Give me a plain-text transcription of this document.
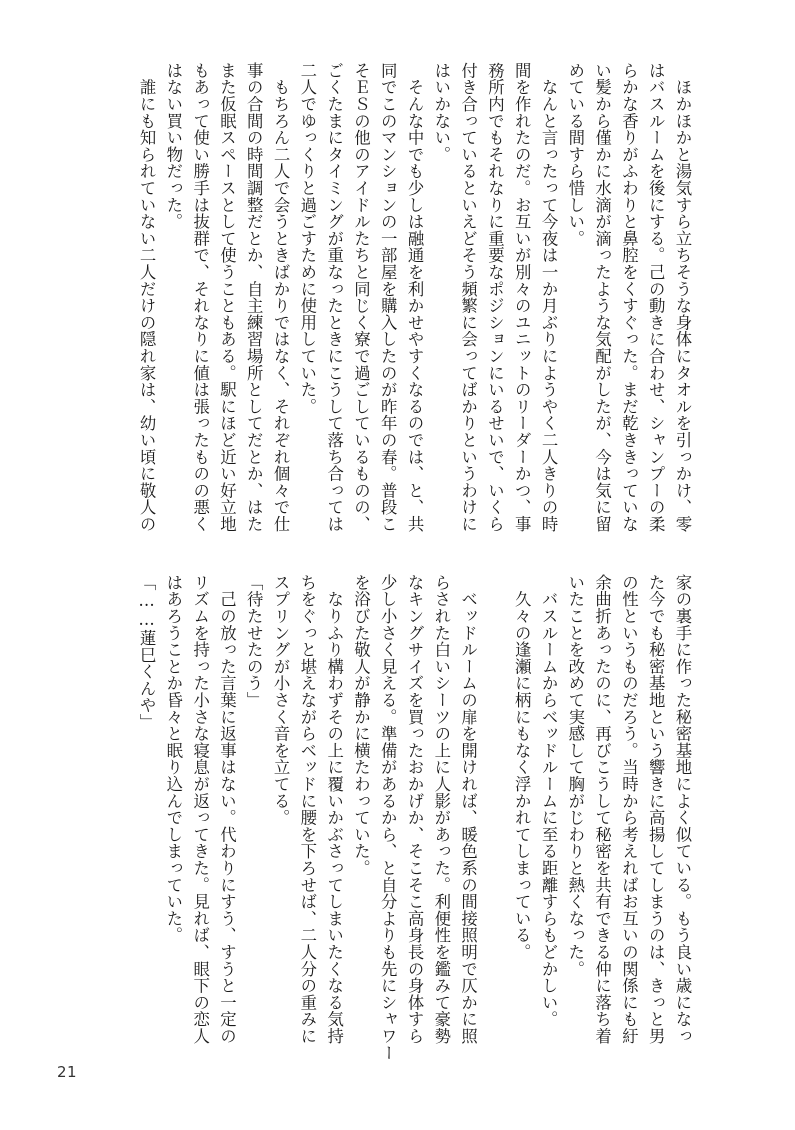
　ほかほかと湯気すら立ちそうな身体にタオルを引っかけ、零
はバスルームを後にする。己の動きに合わせ、シャンプーの柔
らかな香りがふわりと鼻腔をくすぐった。まだ乾ききっていな
い髪から僅かに水滴が滴ったような気配がしたが、今は気に留
めている間すら惜しい。
　なんと言ったって今夜は一か月ぶりにようやく二人きりの時
間を作れたのだ。お互いが別々のユニットのリーダーかつ、事
務所内でもそれなりに重要なポジションにいるせいで、いくら
付き合っているといえどそう頻繁に会ってばかりというわけに
はいかない。
　そんな中でも少しは融通を利かせやすくなるのでは、と、共
同でこのマンションの一部屋を購入したのが昨年の春。普段こ
そＥＳの他のアイドルたちと同じく寮で過ごしているものの、
ごくたまにタイミングが重なったときにこうして落ち合っては
二人でゆっくりと過ごすために使用していた。
　もちろん二人で会うときばかりではなく、それぞれ個々で仕
事の合間の時間調整だとか、自主練習場所としてだとか、はた
また仮眠スペースとして使うこともある。駅にほど近い好立地
もあって使い勝手は抜群で、それなりに値は張ったものの悪く
はない買い物だった。
　誰にも知られていない二人だけの隠れ家は、幼い頃に敬人の
家の裏手に作った秘密基地によく似ている。もう良い歳になっ
た今でも秘密基地という響きに高揚してしまうのは、きっと男
の性というものだろう。当時から考えればお互いの関係にも紆
余曲折あったのに、再びこうして秘密を共有できる仲に落ち着
いたことを改めて実感して胸がじわりと熱くなった。
　バスルームからベッドルームに至る距離すらもどかしい。
　久々の逢瀬に柄にもなく浮かれてしまっている。
　ベッドルームの扉を開ければ、暖色系の間接照明で仄かに照
らされた白いシーツの上に人影があった。利便性を鑑みて豪勢
なキングサイズを買ったおかげか、そこそこ高身長の身体すら
少し小さく見える。準備があるから、と自分よりも先にシャワー
を浴びた敬人が静かに横たわっていた。
　なりふり構わずその上に覆いかぶさってしまいたくなる気持
ちをぐっと堪えながらベッドに腰を下ろせば、二人分の重みに
スプリングが小さく音を立てる。
「待たせたのう」
　己の放った言葉に返事はない。代わりにすう、すうと一定の
リズムを持った小さな寝息が返ってきた。見れば、眼下の恋人
はあろうことか昏々と眠り込んでしまっていた。
「……蓮巳くんや」
21
